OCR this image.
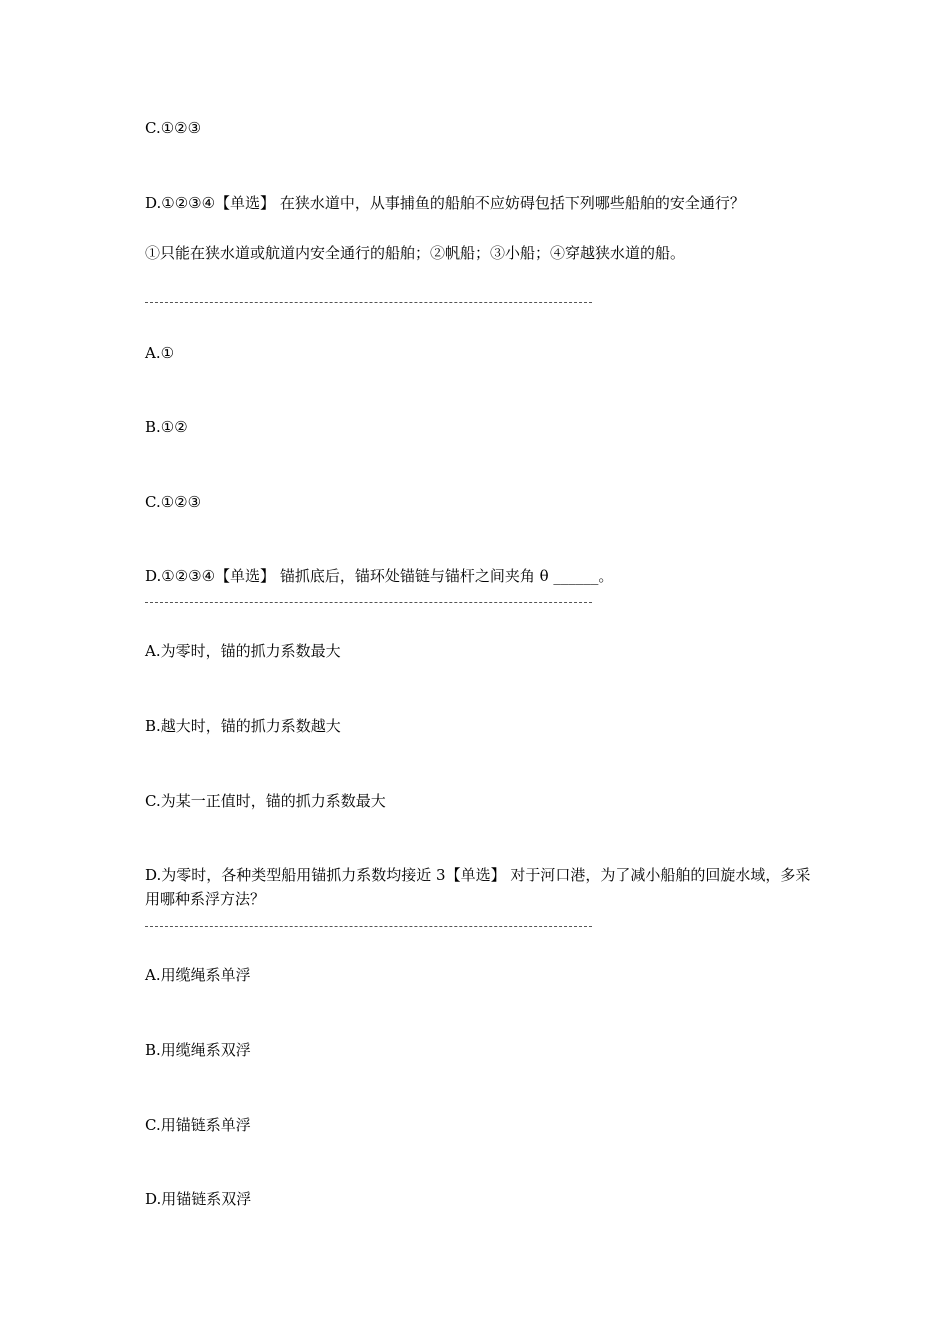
C.①②③
D.①②③④【单选】 在狭水道中，从事捕鱼的船舶不应妨碍包括下列哪些船舶的安全通行？
①只能在狭水道或航道内安全通行的船舶；②帆船；③小船；④穿越狭水道的船。
A.①
B.①②
C.①②③
D.①②③④【单选】 锚抓底后，锚环处锚链与锚杆之间夹角 θ ______。
A.为零时，锚的抓力系数最大
B.越大时，锚的抓力系数越大
C.为某一正值时，锚的抓力系数最大
D.为零时，各种类型船用锚抓力系数均接近 3【单选】 对于河口港，为了减小船舶的回旋水域，多采用哪种系浮方法？
A.用缆绳系单浮
B.用缆绳系双浮
C.用锚链系单浮
D.用锚链系双浮
